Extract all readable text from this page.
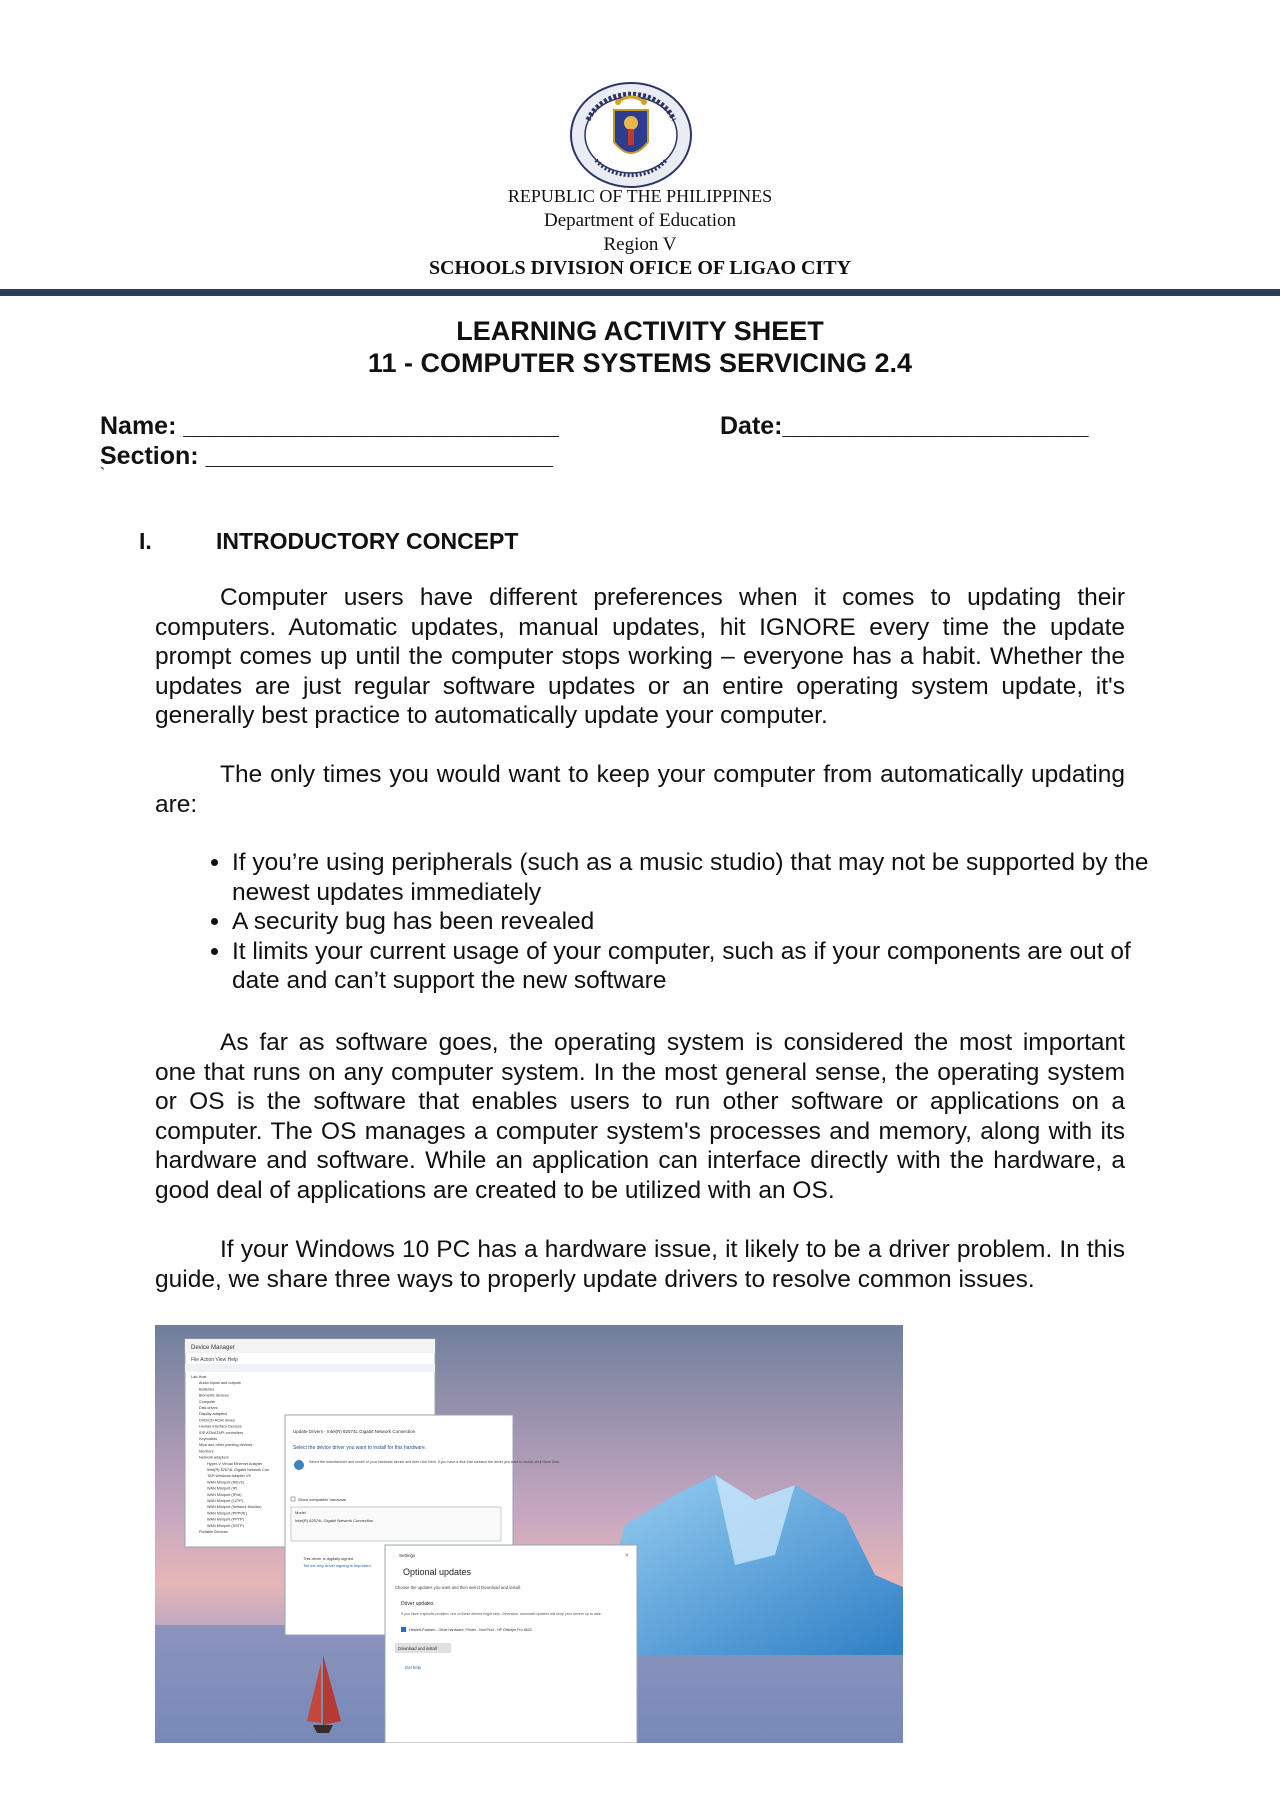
REPUBLIC OF THE PHILIPPINES
Department of Education
Region V
SCHOOLS DIVISION OFICE OF LIGAO CITY
LEARNING ACTIVITY SHEET
11 - COMPUTER SYSTEMS SERVICING 2.4
Name: ___________________________	Date:______________________
Section: _________________________
`
I.	INTRODUCTORY CONCEPT
Computer users have different preferences when it comes to updating their computers. Automatic updates, manual updates, hit IGNORE every time the update prompt comes up until the computer stops working – everyone has a habit. Whether the updates are just regular software updates or an entire operating system update, it's generally best practice to automatically update your computer.
The only times you would want to keep your computer from automatically updating are:
• If you’re using peripherals (such as a music studio) that may not be supported by the newest updates immediately
• A security bug has been revealed
• It limits your current usage of your computer, such as if your components are out of date and can’t support the new software
As far as software goes, the operating system is considered the most important one that runs on any computer system. In the most general sense, the operating system or OS is the software that enables users to run other software or applications on a computer. The OS manages a computer system's processes and memory, along with its hardware and software. While an application can interface directly with the hardware, a good deal of applications are created to be utilized with an OS.
If your Windows 10 PC has a hardware issue, it likely to be a driver problem. In this guide, we share three ways to properly update drivers to resolve common issues.
Device Manager
File Action View Help
Lab-Host
Audio inputs and outputs
Batteries
Biometric devices
Computer
Disk drives
Display adapters
DVD/CD-ROM drives
Human Interface Devices
IDE ATA/ATAPI controllers
Keyboards
Mice and other pointing devices
Monitors
Network adapters
Hyper-V Virtual Ethernet Adapter
Intel(R) 82574L Gigabit Network Con
TAP-Windows Adapter V9
WAN Miniport (IKEv2)
WAN Miniport (IP)
WAN Miniport (IPv6)
WAN Miniport (L2TP)
WAN Miniport (Network Monitor)
WAN Miniport (PPPOE)
WAN Miniport (PPTP)
WAN Miniport (SSTP)
Portable Devices
Update Drivers - Intel(R) 82574L Gigabit Network Connection
Select the device driver you want to install for this hardware.
Select the manufacturer and model of your hardware device and then click Next. If you have a disk that contains the driver you want to install, click Have Disk.
Show compatible hardware
Model
Intel(R) 82574L Gigabit Network Connection
This driver is digitally signed.
Tell me why driver signing is important
Settings	×
Optional updates
Choose the updates you want and then select Download and install.
Driver updates
If you have a specific problem, one of these drivers might help. Otherwise, automatic updates will keep your drivers up to date.
Hewlett-Packard - Other hardware, Printer - Null Print - HP Officejet Pro 8620
Download and install
Get help
